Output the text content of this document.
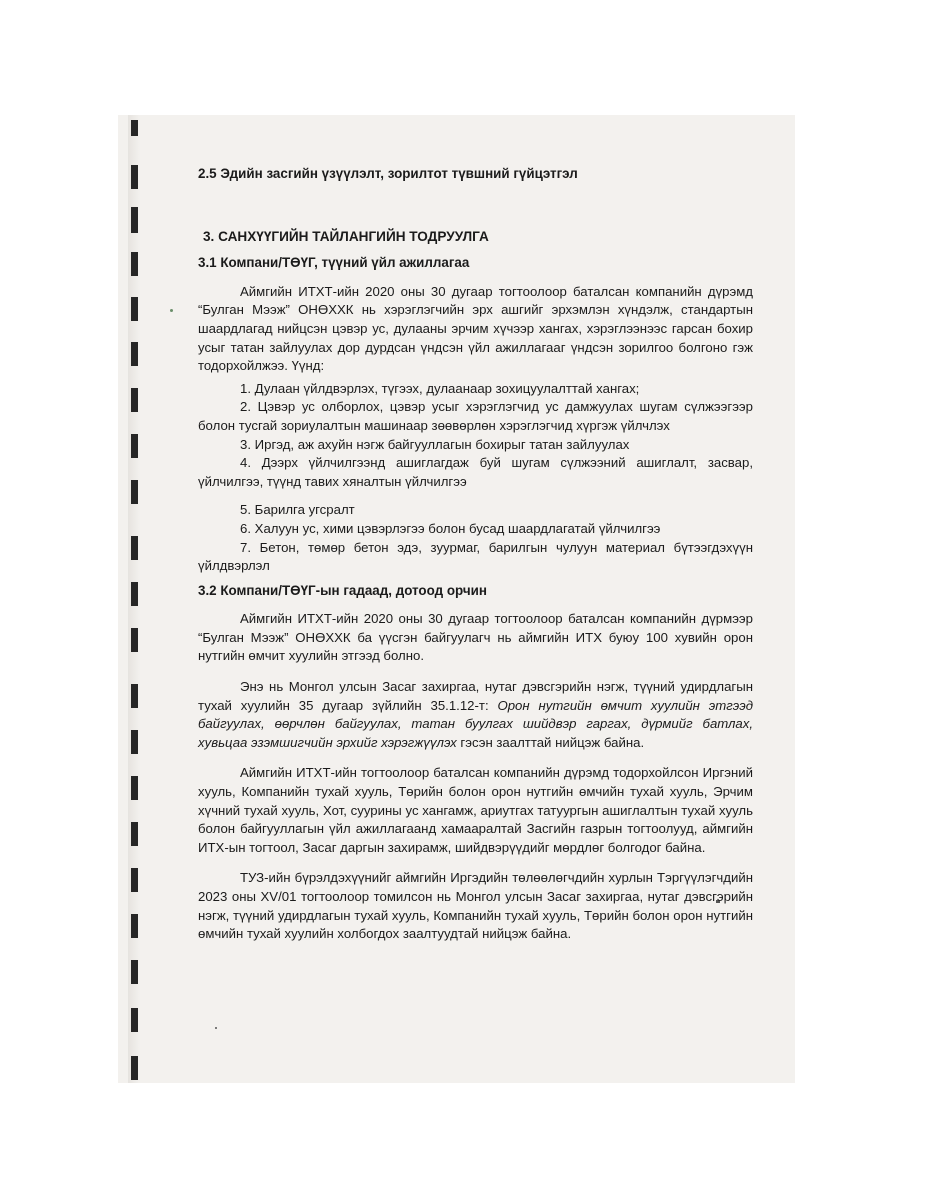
2.5 Эдийн засгийн үзүүлэлт, зорилтот түвшний гүйцэтгэл
3. САНХҮҮГИЙН ТАЙЛАНГИЙН ТОДРУУЛГА
3.1 Компани/ТӨҮГ, түүний үйл ажиллагаа

Аймгийн ИТХТ-ийн 2020 оны 30 дугаар тогтоолоор баталсан компанийн дүрэмд “Булган Мээж” ОНӨХХК нь хэрэглэгчийн эрх ашгийг эрхэмлэн хүндэлж, стандартын шаардлагад нийцсэн цэвэр ус, дулааны эрчим хүчээр хангах, хэрэглээнээс гарсан бохир усыг татан зайлуулах дор дурдсан үндсэн үйл ажиллагааг үндсэн зорилгоо болгоно гэж тодорхойлжээ. Үүнд:

1. Дулаан үйлдвэрлэх, түгээх, дулаанаар зохицуулалттай хангах;
2. Цэвэр ус олборлох, цэвэр усыг хэрэглэгчид ус дамжуулах шугам сүлжээгээр болон тусгай зориулалтын машинаар зөөвөрлөн хэрэглэгчид хүргэж үйлчлэх
3. Иргэд, аж ахуйн нэгж байгууллагын бохирыг татан зайлуулах
4. Дээрх үйлчилгээнд ашиглагдаж буй шугам сүлжээний ашиглалт, засвар, үйлчилгээ, түүнд тавих хяналтын үйлчилгээ
5. Барилга угсралт
6. Халуун ус, хими цэвэрлэгээ болон бусад шаардлагатай үйлчилгээ
7. Бетон, төмөр бетон эдэ, зуурмаг, барилгын чулуун материал бүтээгдэхүүн үйлдвэрлэл
3.2 Компани/ТӨҮГ-ын гадаад, дотоод орчин

Аймгийн ИТХТ-ийн 2020 оны 30 дугаар тогтоолоор баталсан компанийн дүрмээр “Булган Мээж” ОНӨХХК ба үүсгэн байгуулагч нь аймгийн ИТХ буюу 100 хувийн орон нутгийн өмчит хуулийн этгээд болно.

Энэ нь Монгол улсын Засаг захиргаа, нутаг дэвсгэрийн нэгж, түүний удирдлагын тухай хуулийн 35 дугаар зүйлийн 35.1.12-т: Орон нутгийн өмчит хуулийн этгээд байгуулах, өөрчлөн байгуулах, татан буулгах шийдвэр гаргах, дүрмийг батлах, хувьцаа эзэмшигчийн эрхийг хэрэгжүүлэх гэсэн заалттай нийцэж байна.

Аймгийн ИТХТ-ийн тогтоолоор баталсан компанийн дүрэмд тодорхойлсон Иргэний хууль, Компанийн тухай хууль, Төрийн болон орон нутгийн өмчийн тухай хууль, Эрчим хүчний тухай хууль, Хот, суурины ус хангамж, ариутгах татуургын ашиглалтын тухай хууль болон байгууллагын үйл ажиллагаанд хамааралтай Засгийн газрын тогтоолууд, аймгийн ИТХ-ын тогтоол, Засаг даргын захирамж, шийдвэрүүдийг мөрдлөг болгодог байна.

ТУЗ-ийн бүрэлдэхүүнийг аймгийн Иргэдийн төлөөлөгчдийн хурлын Тэргүүлэгчдийн 2023 оны XV/01 тогтоолоор томилсон нь Монгол улсын Засаг захиргаа, нутаг дэвсгэрийн нэгж, түүний удирдлагын тухай хууль, Компанийн тухай хууль, Төрийн болон орон нутгийн өмчийн тухай хуулийн холбогдох заалтуудтай нийцэж байна.
